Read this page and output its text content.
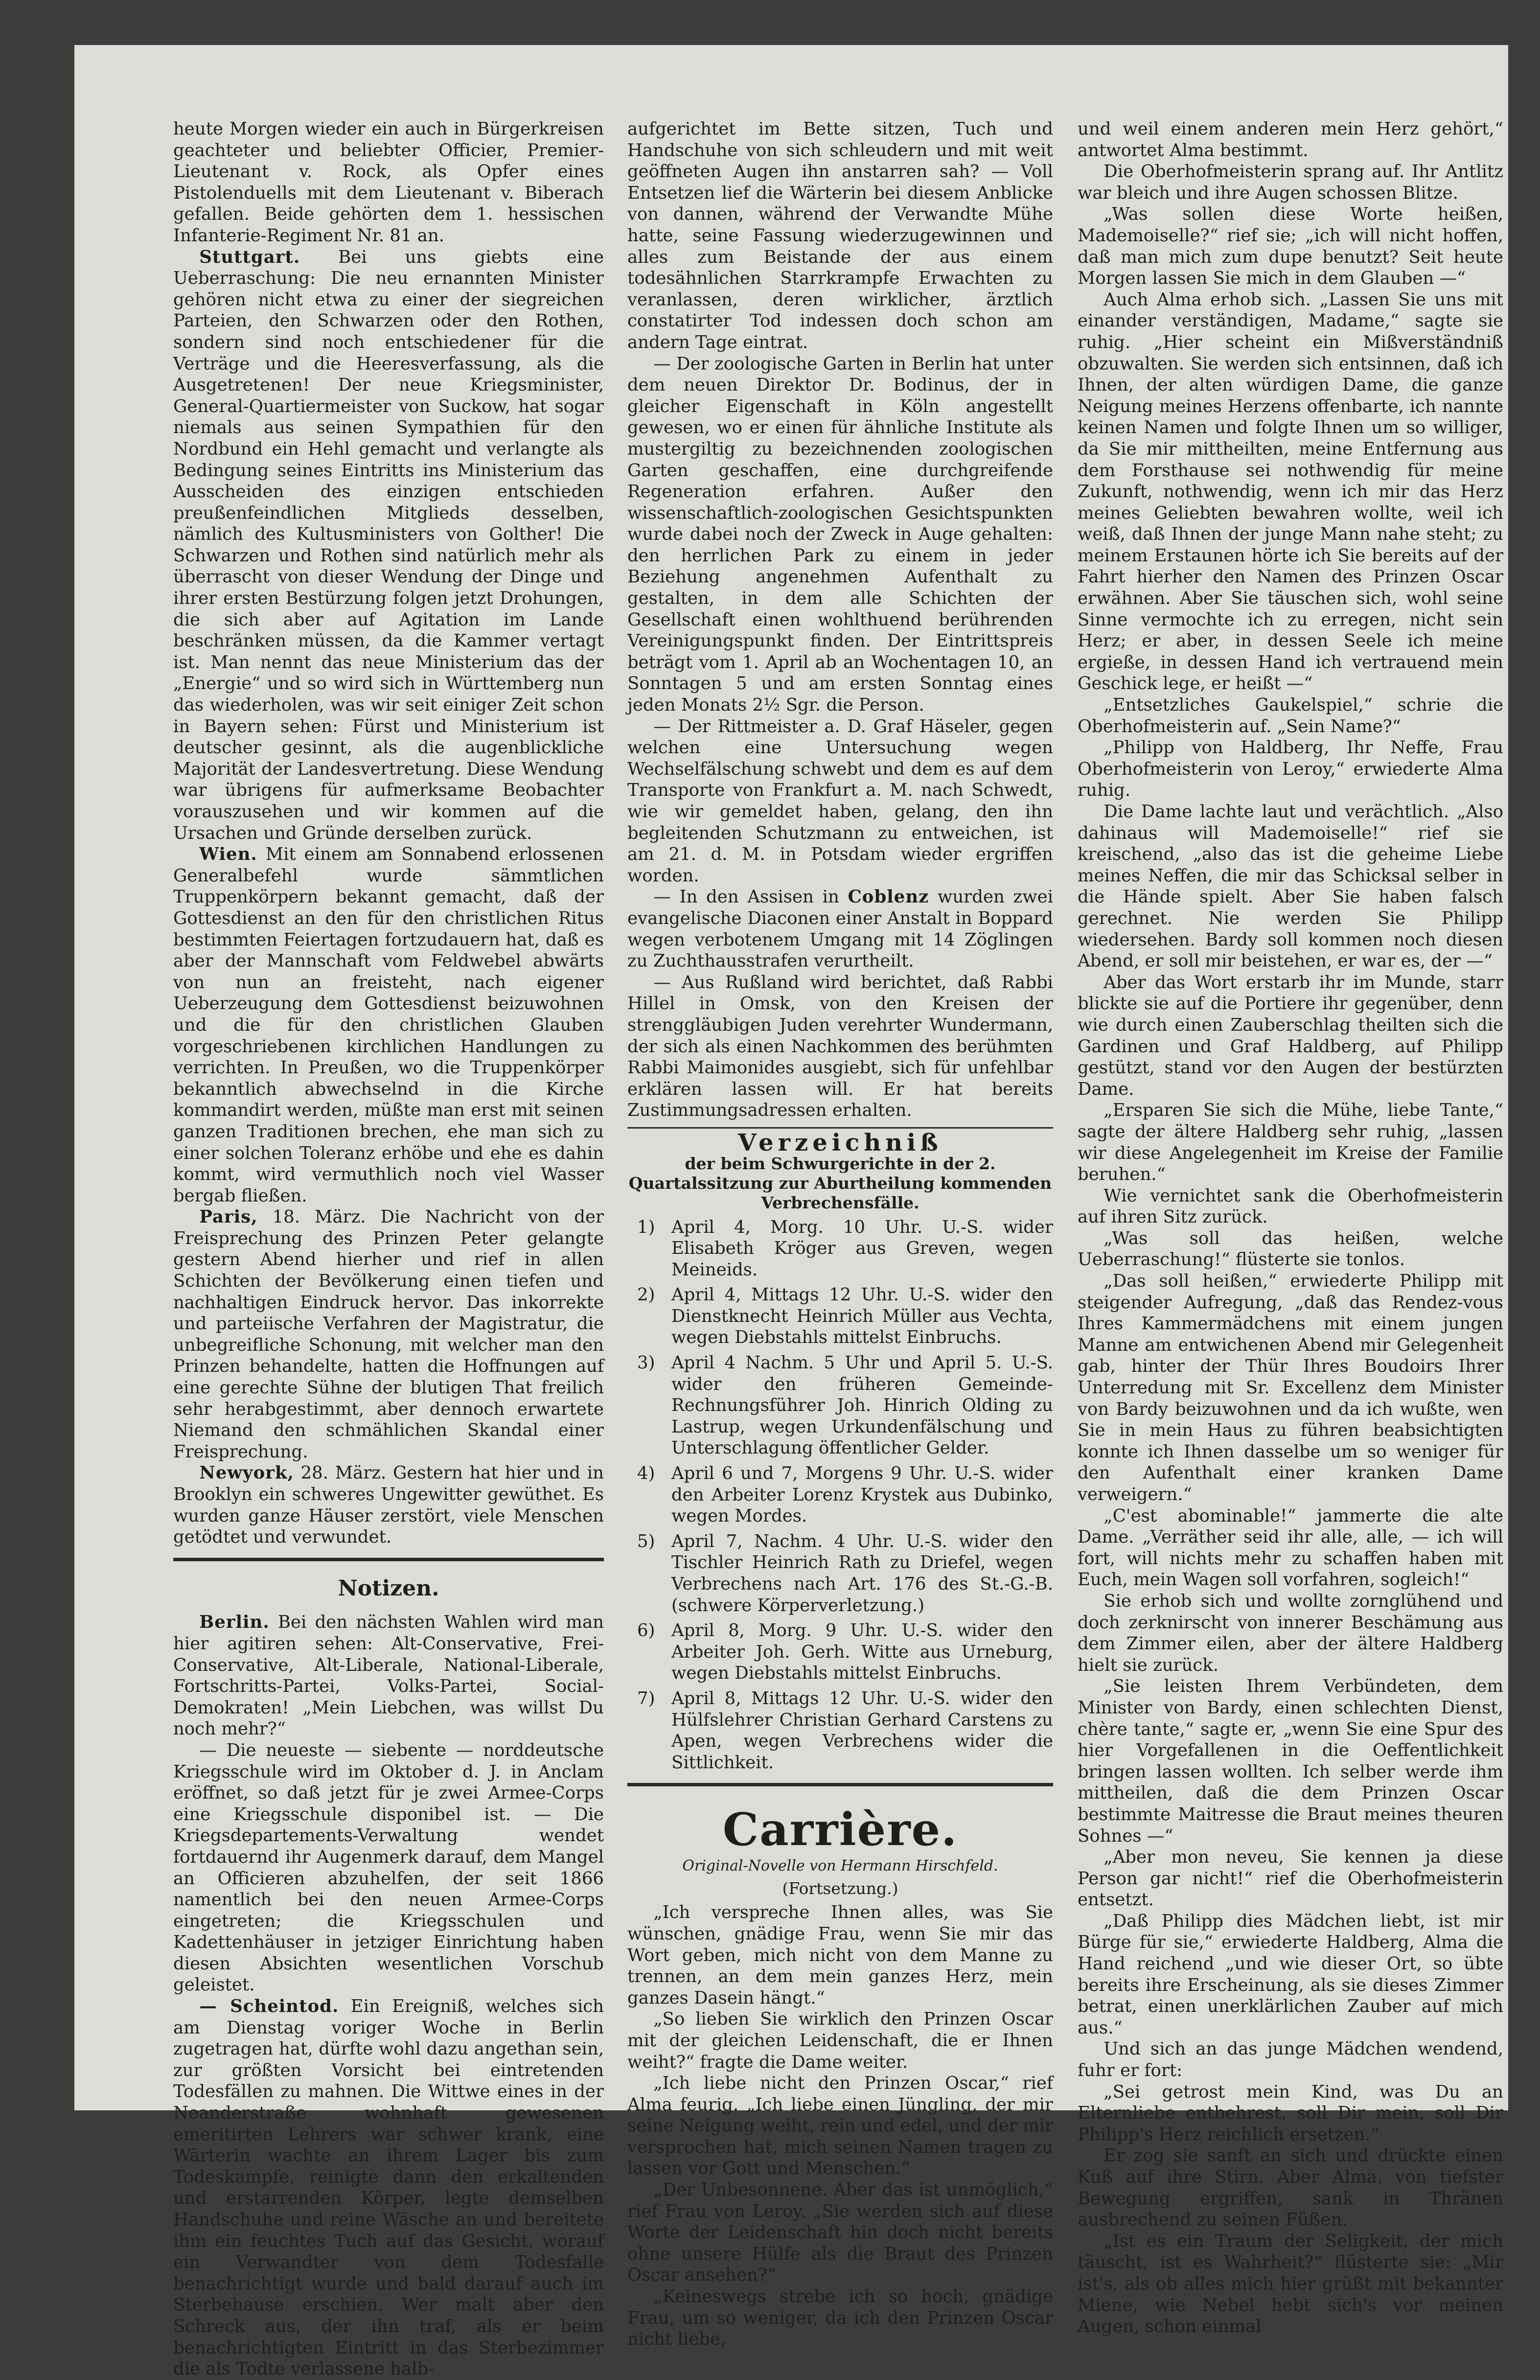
heute Morgen wieder ein auch in Bürgerkreisen geachteter und beliebter Officier, Premier-Lieutenant v. Rock, als Opfer eines Pistolenduells mit dem Lieutenant v. Biberach gefallen. Beide gehörten dem 1. hessischen Infanterie-Regiment Nr. 81 an.

Stuttgart. Bei uns giebts eine Ueberraschung: Die neu ernannten Minister gehören nicht etwa zu einer der siegreichen Parteien, den Schwarzen oder den Rothen, sondern sind noch entschiedener für die Verträge und die Heeresverfassung, als die Ausgetretenen! Der neue Kriegsminister, General-Quartiermeister von Suckow, hat sogar niemals aus seinen Sympathien für den Nordbund ein Hehl gemacht und verlangte als Bedingung seines Eintritts ins Ministerium das Ausscheiden des einzigen entschieden preußenfeindlichen Mitglieds desselben, nämlich des Kultusministers von Golther! Die Schwarzen und Rothen sind natürlich mehr als überrascht von dieser Wendung der Dinge und ihrer ersten Bestürzung folgen jetzt Drohungen, die sich aber auf Agitation im Lande beschränken müssen, da die Kammer vertagt ist. Man nennt das neue Ministerium das der „Energie“ und so wird sich in Württemberg nun das wiederholen, was wir seit einiger Zeit schon in Bayern sehen: Fürst und Ministerium ist deutscher gesinnt, als die augenblickliche Majorität der Landesvertretung. Diese Wendung war übrigens für aufmerksame Beobachter vorauszusehen und wir kommen auf die Ursachen und Gründe derselben zurück.

Wien. Mit einem am Sonnabend erlossenen Generalbefehl wurde sämmtlichen Truppenkörpern bekannt gemacht, daß der Gottesdienst an den für den christlichen Ritus bestimmten Feiertagen fortzudauern hat, daß es aber der Mannschaft vom Feldwebel abwärts von nun an freisteht, nach eigener Ueberzeugung dem Gottesdienst beizuwohnen und die für den christlichen Glauben vorgeschriebenen kirchlichen Handlungen zu verrichten. In Preußen, wo die Truppenkörper bekanntlich abwechselnd in die Kirche kommandirt werden, müßte man erst mit seinen ganzen Traditionen brechen, ehe man sich zu einer solchen Toleranz erhöbe und ehe es dahin kommt, wird vermuthlich noch viel Wasser bergab fließen.

Paris, 18. März. Die Nachricht von der Freisprechung des Prinzen Peter gelangte gestern Abend hierher und rief in allen Schichten der Bevölkerung einen tiefen und nachhaltigen Eindruck hervor. Das inkorrekte und parteiische Verfahren der Magistratur, die unbegreifliche Schonung, mit welcher man den Prinzen behandelte, hatten die Hoffnungen auf eine gerechte Sühne der blutigen That freilich sehr herabgestimmt, aber dennoch erwartete Niemand den schmählichen Skandal einer Freisprechung.

Newyork, 28. März. Gestern hat hier und in Brooklyn ein schweres Ungewitter gewüthet. Es wurden ganze Häuser zerstört, viele Menschen getödtet und verwundet.

Notizen.

Berlin. Bei den nächsten Wahlen wird man hier agitiren sehen: Alt-Conservative, Frei-Conservative, Alt-Liberale, National-Liberale, Fortschritts-Partei, Volks-Partei, Social-Demokraten! „Mein Liebchen, was willst Du noch mehr?“

— Die neueste — siebente — norddeutsche Kriegsschule wird im Oktober d. J. in Anclam eröffnet, so daß jetzt für je zwei Armee-Corps eine Kriegsschule disponibel ist. — Die Kriegsdepartements-Verwaltung wendet fortdauernd ihr Augenmerk darauf, dem Mangel an Officieren abzuhelfen, der seit 1866 namentlich bei den neuen Armee-Corps eingetreten; die Kriegsschulen und Kadettenhäuser in jetziger Einrichtung haben diesen Absichten wesentlichen Vorschub geleistet.

— Scheintod. Ein Ereigniß, welches sich am Dienstag voriger Woche in Berlin zugetragen hat, dürfte wohl dazu angethan sein, zur größten Vorsicht bei eintretenden Todesfällen zu mahnen. Die Wittwe eines in der Neanderstraße wohnhaft gewesenen emeritirten Lehrers war schwer krank, eine Wärterin wachte an ihrem Lager bis zum Todeskampfe, reinigte dann den erkaltenden und erstarrenden Körper, legte demselben Handschuhe und reine Wäsche an und bereitete ihm ein feuchtes Tuch auf das Gesicht, worauf ein Verwandter von dem Todesfalle benachrichtigt wurde und bald darauf auch im Sterbehause erschien. Wer malt aber den Schreck aus, der ihn traf, als er beim benachrichtigten Eintritt in das Sterbezimmer die als Todte verlassene halb-

aufgerichtet im Bette sitzen, Tuch und Handschuhe von sich schleudern und mit weit geöffneten Augen ihn anstarren sah? — Voll Entsetzen lief die Wärterin bei diesem Anblicke von dannen, während der Verwandte Mühe hatte, seine Fassung wiederzugewinnen und alles zum Beistande der aus einem todesähnlichen Starrkrampfe Erwachten zu veranlassen, deren wirklicher, ärztlich constatirter Tod indessen doch schon am andern Tage eintrat.

— Der zoologische Garten in Berlin hat unter dem neuen Direktor Dr. Bodinus, der in gleicher Eigenschaft in Köln angestellt gewesen, wo er einen für ähnliche Institute als mustergiltig zu bezeichnenden zoologischen Garten geschaffen, eine durchgreifende Regeneration erfahren. Außer den wissenschaftlich-zoologischen Gesichtspunkten wurde dabei noch der Zweck in Auge gehalten: den herrlichen Park zu einem in jeder Beziehung angenehmen Aufenthalt zu gestalten, in dem alle Schichten der Gesellschaft einen wohlthuend berührenden Vereinigungspunkt finden. Der Eintrittspreis beträgt vom 1. April ab an Wochentagen 10, an Sonntagen 5 und am ersten Sonntag eines jeden Monats 2½ Sgr. die Person.

— Der Rittmeister a. D. Graf Häseler, gegen welchen eine Untersuchung wegen Wechselfälschung schwebt und dem es auf dem Transporte von Frankfurt a. M. nach Schwedt, wie wir gemeldet haben, gelang, den ihn begleitenden Schutzmann zu entweichen, ist am 21. d. M. in Potsdam wieder ergriffen worden.

— In den Assisen in Coblenz wurden zwei evangelische Diaconen einer Anstalt in Boppard wegen verbotenem Umgang mit 14 Zöglingen zu Zuchthausstrafen verurtheilt.

— Aus Rußland wird berichtet, daß Rabbi Hillel in Omsk, von den Kreisen der strenggläubigen Juden verehrter Wundermann, der sich als einen Nachkommen des berühmten Rabbi Maimonides ausgiebt, sich für unfehlbar erklären lassen will. Er hat bereits Zustimmungsadressen erhalten.

Verzeichniß
der beim Schwurgerichte in der 2. Quartalssitzung zur Aburtheilung kommenden Verbrechensfälle.
1) April 4, Morg. 10 Uhr. U.-S. wider Elisabeth Kröger aus Greven, wegen Meineids.
2) April 4, Mittags 12 Uhr. U.-S. wider den Dienstknecht Heinrich Müller aus Vechta, wegen Diebstahls mittelst Einbruchs.
3) April 4 Nachm. 5 Uhr und April 5. U.-S. wider den früheren Gemeinde-Rechnungsführer Joh. Hinrich Olding zu Lastrup, wegen Urkundenfälschung und Unterschlagung öffentlicher Gelder.
4) April 6 und 7, Morgens 9 Uhr. U.-S. wider den Arbeiter Lorenz Krystek aus Dubinko, wegen Mordes.
5) April 7, Nachm. 4 Uhr. U.-S. wider den Tischler Heinrich Rath zu Driefel, wegen Verbrechens nach Art. 176 des St.-G.-B. (schwere Körperverletzung.)
6) April 8, Morg. 9 Uhr. U.-S. wider den Arbeiter Joh. Gerh. Witte aus Urneburg, wegen Diebstahls mittelst Einbruchs.
7) April 8, Mittags 12 Uhr. U.-S. wider den Hülfslehrer Christian Gerhard Carstens zu Apen, wegen Verbrechens wider die Sittlichkeit.
Carrière.
Original-Novelle von Hermann Hirschfeld.
(Fortsetzung.)

„Ich verspreche Ihnen alles, was Sie wünschen, gnädige Frau, wenn Sie mir das Wort geben, mich nicht von dem Manne zu trennen, an dem mein ganzes Herz, mein ganzes Dasein hängt.“

„So lieben Sie wirklich den Prinzen Oscar mit der gleichen Leidenschaft, die er Ihnen weiht?“ fragte die Dame weiter.

„Ich liebe nicht den Prinzen Oscar,“ rief Alma feurig. „Ich liebe einen Jüngling, der mir seine Neigung weiht, rein und edel, und der mir versprochen hat, mich seinen Namen tragen zu lassen vor Gott und Menschen.“

„Der Unbesonnene. Aber das ist unmöglich,“ rief Frau von Leroy. „Sie werden sich auf diese Worte der Leidenschaft hin doch nicht bereits ohne unsere Hülfe als die Braut des Prinzen Oscar ansehen?“

„Keineswegs strebe ich so hoch, gnädige Frau, um so weniger, da ich den Prinzen Oscar nicht liebe,

und weil einem anderen mein Herz gehört,“ antwortet Alma bestimmt.

Die Oberhofmeisterin sprang auf. Ihr Antlitz war bleich und ihre Augen schossen Blitze.

„Was sollen diese Worte heißen, Mademoiselle?“ rief sie; „ich will nicht hoffen, daß man mich zum dupe benutzt? Seit heute Morgen lassen Sie mich in dem Glauben —“

Auch Alma erhob sich. „Lassen Sie uns mit einander verständigen, Madame,“ sagte sie ruhig. „Hier scheint ein Mißverständniß obzuwalten. Sie werden sich entsinnen, daß ich Ihnen, der alten würdigen Dame, die ganze Neigung meines Herzens offenbarte, ich nannte keinen Namen und folgte Ihnen um so williger, da Sie mir mittheilten, meine Entfernung aus dem Forsthause sei nothwendig für meine Zukunft, nothwendig, wenn ich mir das Herz meines Geliebten bewahren wollte, weil ich weiß, daß Ihnen der junge Mann nahe steht; zu meinem Erstaunen hörte ich Sie bereits auf der Fahrt hierher den Namen des Prinzen Oscar erwähnen. Aber Sie täuschen sich, wohl seine Sinne vermochte ich zu erregen, nicht sein Herz; er aber, in dessen Seele ich meine ergieße, in dessen Hand ich vertrauend mein Geschick lege, er heißt —“

„Entsetzliches Gaukelspiel,“ schrie die Oberhofmeisterin auf. „Sein Name?“

„Philipp von Haldberg, Ihr Neffe, Frau Oberhofmeisterin von Leroy,“ erwiederte Alma ruhig.

Die Dame lachte laut und verächtlich. „Also dahinaus will Mademoiselle!“ rief sie kreischend, „also das ist die geheime Liebe meines Neffen, die mir das Schicksal selber in die Hände spielt. Aber Sie haben falsch gerechnet. Nie werden Sie Philipp wiedersehen. Bardy soll kommen noch diesen Abend, er soll mir beistehen, er war es, der —“

Aber das Wort erstarb ihr im Munde, starr blickte sie auf die Portiere ihr gegenüber, denn wie durch einen Zauberschlag theilten sich die Gardinen und Graf Haldberg, auf Philipp gestützt, stand vor den Augen der bestürzten Dame.

„Ersparen Sie sich die Mühe, liebe Tante,“ sagte der ältere Haldberg sehr ruhig, „lassen wir diese Angelegenheit im Kreise der Familie beruhen.“

Wie vernichtet sank die Oberhofmeisterin auf ihren Sitz zurück.

„Was soll das heißen, welche Ueberraschung!“ flüsterte sie tonlos.

„Das soll heißen,“ erwiederte Philipp mit steigender Aufregung, „daß das Rendez-vous Ihres Kammermädchens mit einem jungen Manne am entwichenen Abend mir Gelegenheit gab, hinter der Thür Ihres Boudoirs Ihrer Unterredung mit Sr. Excellenz dem Minister von Bardy beizuwohnen und da ich wußte, wen Sie in mein Haus zu führen beabsichtigten konnte ich Ihnen dasselbe um so weniger für den Aufenthalt einer kranken Dame verweigern.“

„C'est abominable!“ jammerte die alte Dame. „Verräther seid ihr alle, alle, — ich will fort, will nichts mehr zu schaffen haben mit Euch, mein Wagen soll vorfahren, sogleich!“

Sie erhob sich und wollte zornglühend und doch zerknirscht von innerer Beschämung aus dem Zimmer eilen, aber der ältere Haldberg hielt sie zurück.

„Sie leisten Ihrem Verbündeten, dem Minister von Bardy, einen schlechten Dienst, chère tante,“ sagte er, „wenn Sie eine Spur des hier Vorgefallenen in die Oeffentlichkeit bringen lassen wollten. Ich selber werde ihm mittheilen, daß die dem Prinzen Oscar bestimmte Maitresse die Braut meines theuren Sohnes —“

„Aber mon neveu, Sie kennen ja diese Person gar nicht!“ rief die Oberhofmeisterin entsetzt.

„Daß Philipp dies Mädchen liebt, ist mir Bürge für sie,“ erwiederte Haldberg, Alma die Hand reichend „und wie dieser Ort, so übte bereits ihre Erscheinung, als sie dieses Zimmer betrat, einen unerklärlichen Zauber auf mich aus.“

Und sich an das junge Mädchen wendend, fuhr er fort:

„Sei getrost mein Kind, was Du an Elternliebe entbehrest, soll Dir mein, soll Dir Philipp's Herz reichlich ersetzen.“

Er zog sie sanft an sich und drückte einen Kuß auf ihre Stirn. Aber Alma, von tiefster Bewegung ergriffen, sank in Thränen ausbrechend zu seinen Füßen.

„Ist es ein Traum der Seligkeit, der mich täuscht, ist es Wahrheit?“ flüsterte sie: „Mir ist's, als ob alles mich hier grüßt mit bekannter Miene, wie Nebel hebt sich's vor meinen Augen, schon einmal
